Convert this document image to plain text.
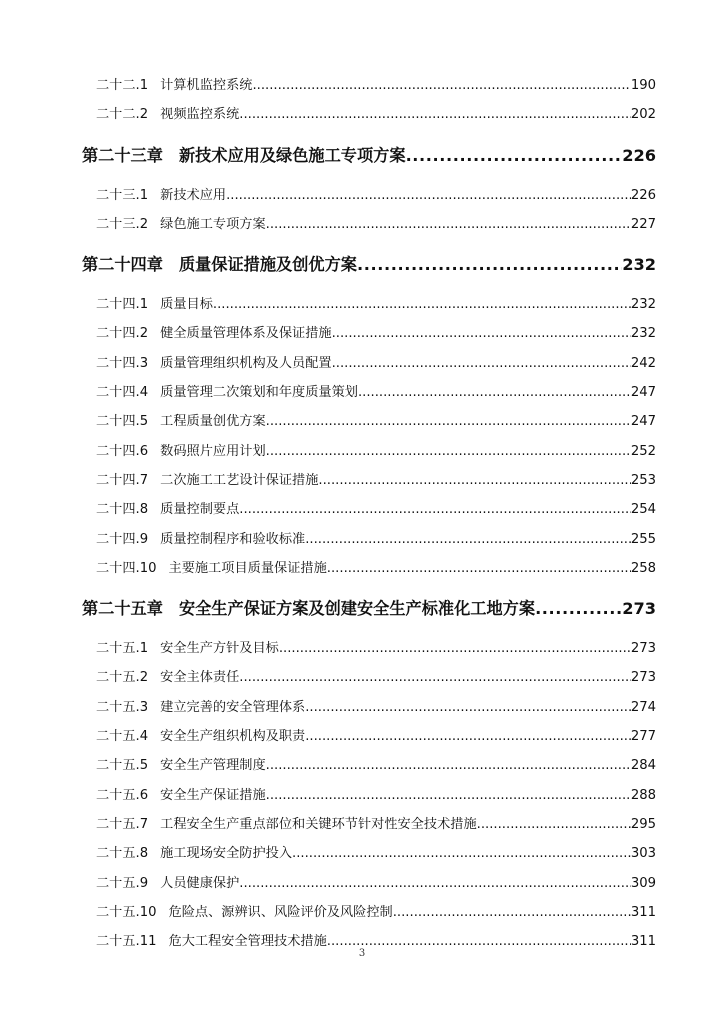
二十二.1 计算机监控系统 .....	190
二十二.2 视频监控系统 .....	202
第二十三章 新技术应用及绿色施工专项方案 .....	226
二十三.1 新技术应用 .....	226
二十三.2 绿色施工专项方案 .....	227
第二十四章 质量保证措施及创优方案 .....	232
二十四.1 质量目标 .....	232
二十四.2 健全质量管理体系及保证措施 .....	232
二十四.3 质量管理组织机构及人员配置 .....	242
二十四.4 质量管理二次策划和年度质量策划 .....	247
二十四.5 工程质量创优方案 .....	247
二十四.6 数码照片应用计划 .....	252
二十四.7 二次施工工艺设计保证措施 .....	253
二十四.8 质量控制要点 .....	254
二十四.9 质量控制程序和验收标准 .....	255
二十四.10 主要施工项目质量保证措施 .....	258
第二十五章 安全生产保证方案及创建安全生产标准化工地方案 .....	273
二十五.1 安全生产方针及目标 .....	273
二十五.2 安全主体责任 .....	273
二十五.3 建立完善的安全管理体系 .....	274
二十五.4 安全生产组织机构及职责 .....	277
二十五.5 安全生产管理制度 .....	284
二十五.6 安全生产保证措施 .....	288
二十五.7 工程安全生产重点部位和关键环节针对性安全技术措施 .....	295
二十五.8 施工现场安全防护投入 .....	303
二十五.9 人员健康保护 .....	309
二十五.10 危险点、源辨识、风险评价及风险控制 .....	311
二十五.11 危大工程安全管理技术措施 .....	311
3
